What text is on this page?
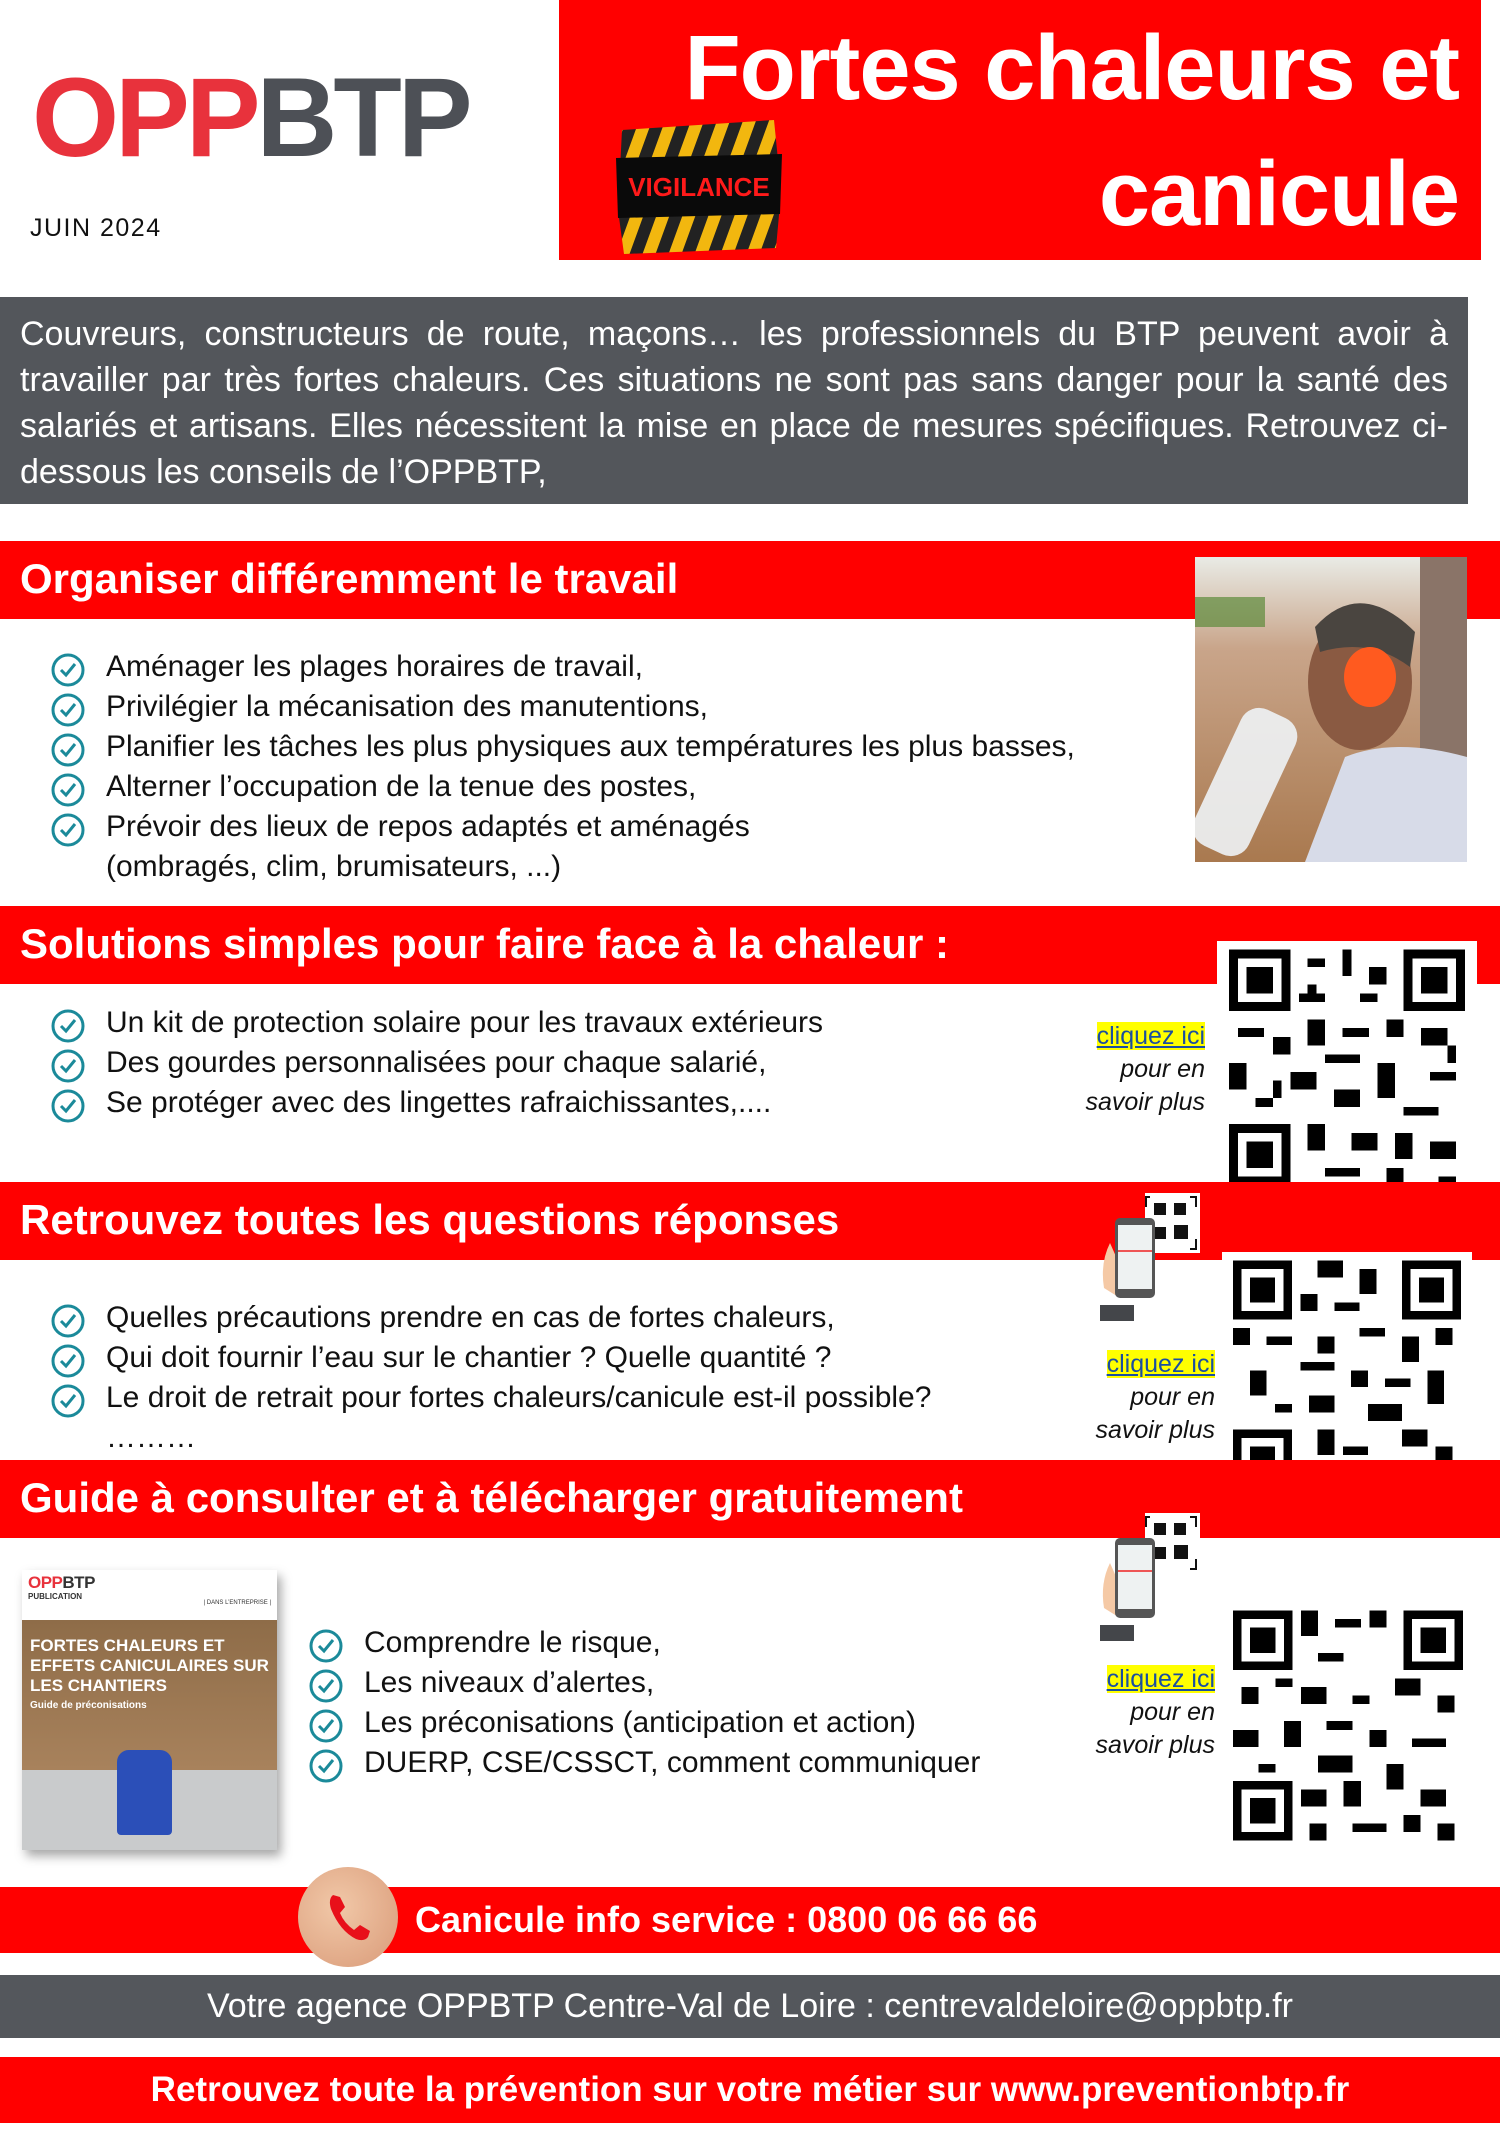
OPPBTP
JUIN 2024
Fortes chaleurs et
canicule
VIGILANCE
Couvreurs, constructeurs de route, maçons… les professionnels du BTP peuvent avoir à travailler par très fortes chaleurs. Ces situations ne sont pas sans danger pour la santé des salariés et artisans. Elles nécessitent la mise en place de mesures spécifiques. Retrouvez ci-dessous les conseils de l’OPPBTP,
Organiser différemment le travail
Aménager les plages horaires de travail,
Privilégier la mécanisation des manutentions,
Planifier les tâches les plus physiques aux températures les plus basses,
Alterner l’occupation de la tenue des postes,
Prévoir des lieux de repos adaptés et aménagés
(ombragés, clim, brumisateurs, ...)
Solutions simples pour faire face à la chaleur :
Un kit de protection solaire pour les travaux extérieurs
Des gourdes personnalisées pour chaque salarié,
Se protéger avec des lingettes rafraichissantes,....
cliquez ici
pour en
savoir plus
Retrouvez toutes les questions réponses
Quelles précautions prendre en cas de fortes chaleurs,
Qui doit fournir l’eau sur le chantier ? Quelle quantité ?
Le droit de retrait pour fortes chaleurs/canicule est-il possible?
………
cliquez ici
pour en
savoir plus
Guide à consulter et à télécharger gratuitement
OPPBTP
PUBLICATION
| DANS L’ENTREPRISE |
FORTES CHALEURS ET EFFETS CANICULAIRES SUR LES CHANTIERS
Guide de préconisations
Comprendre le risque,
Les niveaux d’alertes,
Les préconisations (anticipation et action)
DUERP, CSE/CSSCT, comment communiquer
cliquez ici
pour en
savoir plus
Canicule info service : 0800 06 66 66
Votre agence OPPBTP Centre-Val de Loire : centrevaldeloire@oppbtp.fr
Retrouvez toute la prévention sur votre métier sur www.preventionbtp.fr
